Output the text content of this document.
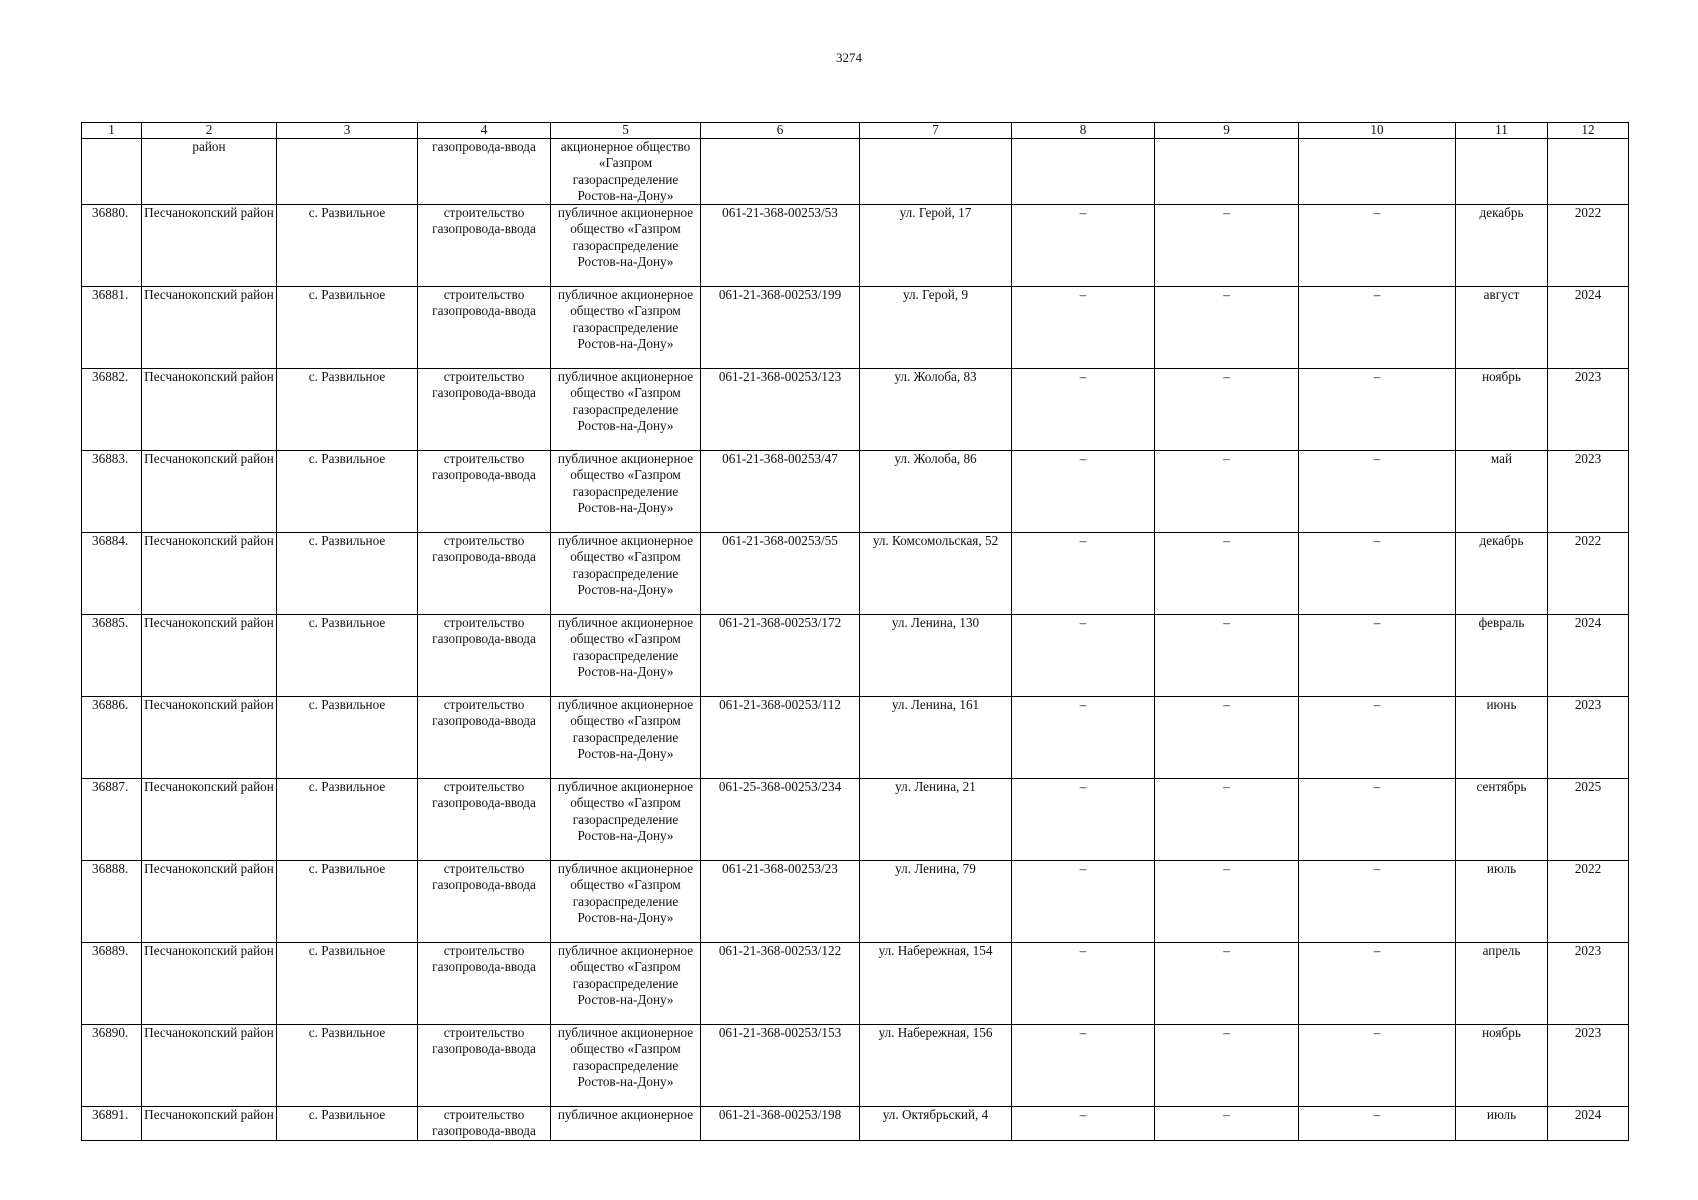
3274
1	2	3	4	5	6	7	8	9	10	11	12
	район		газопровода-ввода	акционерное общество «Газпром газораспределение Ростов-на-Дону»							
36880.	Песчанокопский район	с. Развильное	строительство газопровода-ввода	публичное акционерное общество «Газпром газораспределение Ростов-на-Дону»	061-21-368-00253/53	ул. Герой, 17	–	–	–	декабрь	2022
36881.	Песчанокопский район	с. Развильное	строительство газопровода-ввода	публичное акционерное общество «Газпром газораспределение Ростов-на-Дону»	061-21-368-00253/199	ул. Герой, 9	–	–	–	август	2024
36882.	Песчанокопский район	с. Развильное	строительство газопровода-ввода	публичное акционерное общество «Газпром газораспределение Ростов-на-Дону»	061-21-368-00253/123	ул. Жолоба, 83	–	–	–	ноябрь	2023
36883.	Песчанокопский район	с. Развильное	строительство газопровода-ввода	публичное акционерное общество «Газпром газораспределение Ростов-на-Дону»	061-21-368-00253/47	ул. Жолоба, 86	–	–	–	май	2023
36884.	Песчанокопский район	с. Развильное	строительство газопровода-ввода	публичное акционерное общество «Газпром газораспределение Ростов-на-Дону»	061-21-368-00253/55	ул. Комсомольская, 52	–	–	–	декабрь	2022
36885.	Песчанокопский район	с. Развильное	строительство газопровода-ввода	публичное акционерное общество «Газпром газораспределение Ростов-на-Дону»	061-21-368-00253/172	ул. Ленина, 130	–	–	–	февраль	2024
36886.	Песчанокопский район	с. Развильное	строительство газопровода-ввода	публичное акционерное общество «Газпром газораспределение Ростов-на-Дону»	061-21-368-00253/112	ул. Ленина, 161	–	–	–	июнь	2023
36887.	Песчанокопский район	с. Развильное	строительство газопровода-ввода	публичное акционерное общество «Газпром газораспределение Ростов-на-Дону»	061-25-368-00253/234	ул. Ленина, 21	–	–	–	сентябрь	2025
36888.	Песчанокопский район	с. Развильное	строительство газопровода-ввода	публичное акционерное общество «Газпром газораспределение Ростов-на-Дону»	061-21-368-00253/23	ул. Ленина, 79	–	–	–	июль	2022
36889.	Песчанокопский район	с. Развильное	строительство газопровода-ввода	публичное акционерное общество «Газпром газораспределение Ростов-на-Дону»	061-21-368-00253/122	ул. Набережная, 154	–	–	–	апрель	2023
36890.	Песчанокопский район	с. Развильное	строительство газопровода-ввода	публичное акционерное общество «Газпром газораспределение Ростов-на-Дону»	061-21-368-00253/153	ул. Набережная, 156	–	–	–	ноябрь	2023
36891.	Песчанокопский район	с. Развильное	строительство газопровода-ввода	публичное акционерное	061-21-368-00253/198	ул. Октябрьский, 4	–	–	–	июль	2024
